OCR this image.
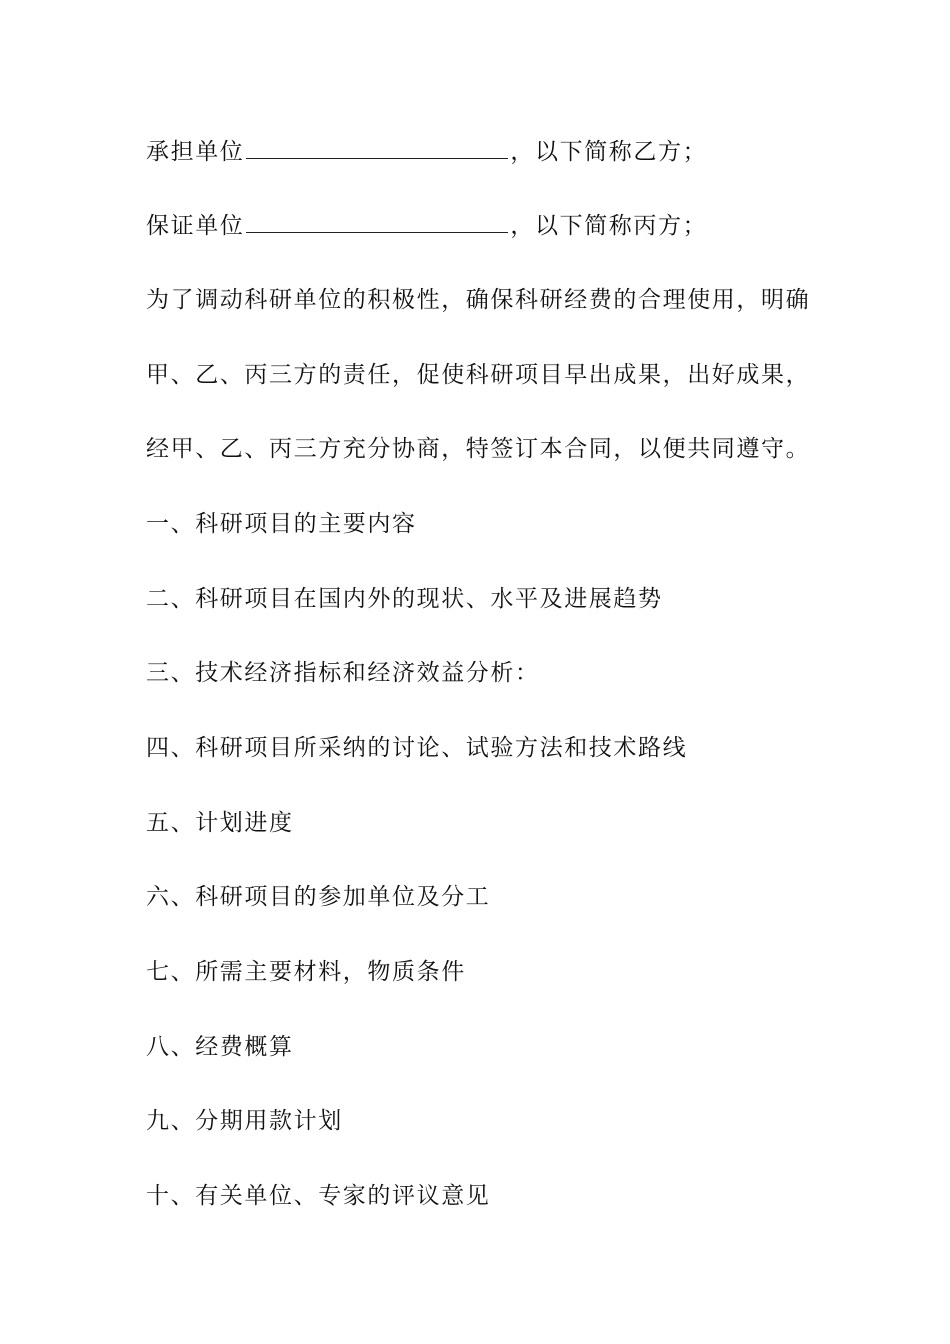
承担单位	，以下简称乙方；
保证单位	，以下简称丙方；
为了调动科研单位的积极性，确保科研经费的合理使用，明确
甲、乙、丙三方的责任，促使科研项目早出成果，出好成果，
经甲、乙、丙三方充分协商，特签订本合同，以便共同遵守。
一、科研项目的主要内容
二、科研项目在国内外的现状、水平及进展趋势
三、技术经济指标和经济效益分析：
四、科研项目所采纳的讨论、试验方法和技术路线
五、计划进度
六、科研项目的参加单位及分工
七、所需主要材料，物质条件
八、经费概算
九、分期用款计划
十、有关单位、专家的评议意见
